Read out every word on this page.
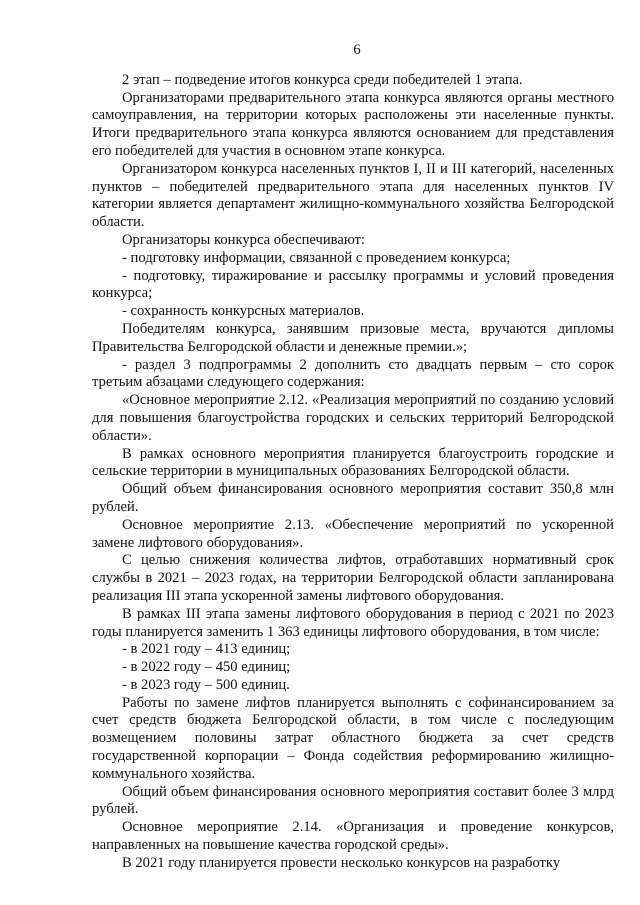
6

2 этап – подведение итогов конкурса среди победителей 1 этапа.

Организаторами предварительного этапа конкурса являются органы местного самоуправления, на территории которых расположены эти населенные пункты. Итоги предварительного этапа конкурса являются основанием для представления его победителей для участия в основном этапе конкурса.

Организатором конкурса населенных пунктов I, II и III категорий, населенных пунктов – победителей предварительного этапа для населенных пунктов IV категории является департамент жилищно-коммунального хозяйства Белгородской области.

Организаторы конкурса обеспечивают:

- подготовку информации, связанной с проведением конкурса;

- подготовку, тиражирование и рассылку программы и условий проведения конкурса;

- сохранность конкурсных материалов.

Победителям конкурса, занявшим призовые места, вручаются дипломы Правительства Белгородской области и денежные премии.»;

- раздел 3 подпрограммы 2 дополнить сто двадцать первым – сто сорок третьим абзацами следующего содержания:

«Основное мероприятие 2.12. «Реализация мероприятий по созданию условий для повышения благоустройства городских и сельских территорий Белгородской области».

В рамках основного мероприятия планируется благоустроить городские и сельские территории в муниципальных образованиях Белгородской области.

Общий объем финансирования основного мероприятия составит 350,8 млн рублей.

Основное мероприятие 2.13. «Обеспечение мероприятий по ускоренной замене лифтового оборудования».

С целью снижения количества лифтов, отработавших нормативный срок службы в 2021 – 2023 годах, на территории Белгородской области запланирована реализация III этапа ускоренной замены лифтового оборудования.

В рамках III этапа замены лифтового оборудования в период с 2021 по 2023 годы планируется заменить 1 363 единицы лифтового оборудования, в том числе:

- в 2021 году – 413 единиц;

- в 2022 году – 450 единиц;

- в 2023 году – 500 единиц.

Работы по замене лифтов планируется выполнять с софинансированием за счет средств бюджета Белгородской области, в том числе с последующим возмещением половины затрат областного бюджета за счет средств государственной корпорации – Фонда содействия реформированию жилищно-коммунального хозяйства.

Общий объем финансирования основного мероприятия составит более 3 млрд рублей.

Основное мероприятие 2.14. «Организация и проведение конкурсов, направленных на повышение качества городской среды».

В 2021 году планируется провести несколько конкурсов на разработку
